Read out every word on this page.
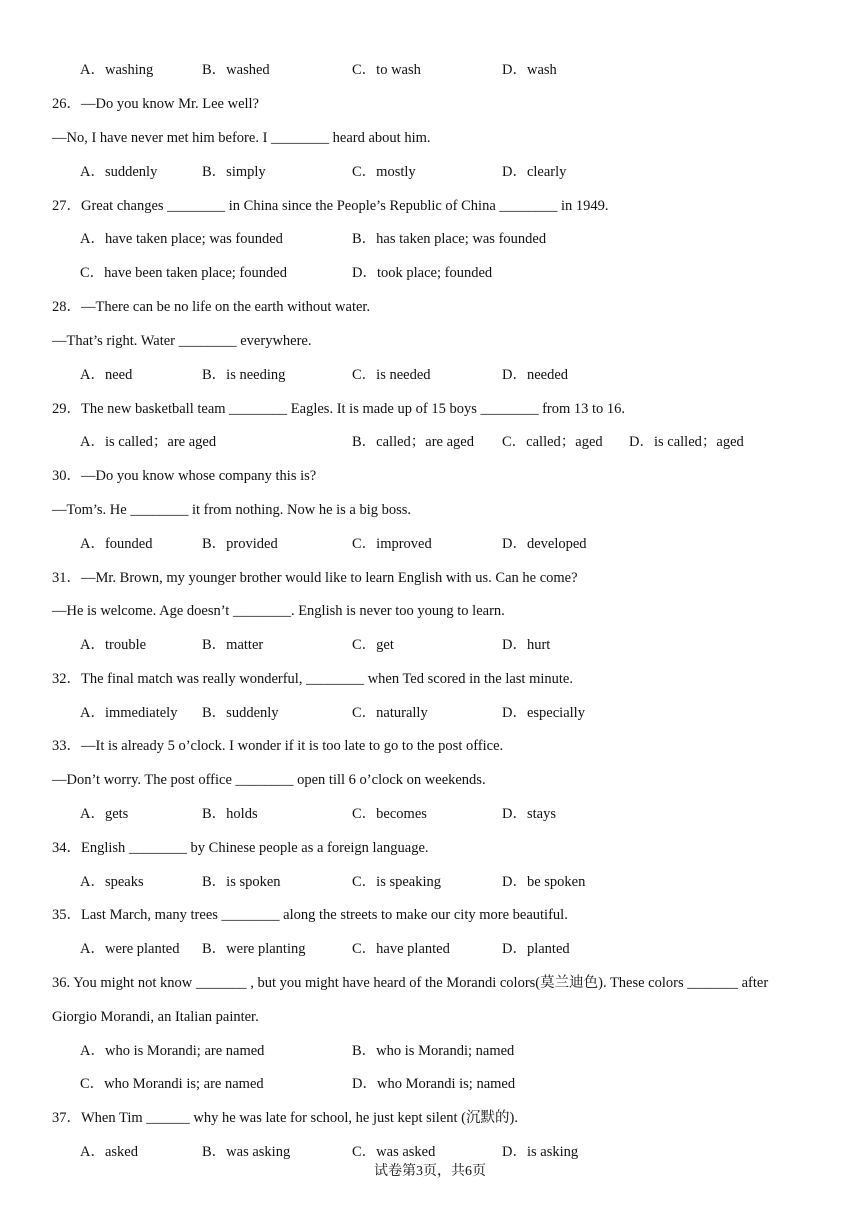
A．washing	B．washed	C．to wash	D．wash
26．—Do you know Mr. Lee well?
—No, I have never met him before. I ________ heard about him.
A．suddenly	B．simply	C．mostly	D．clearly
27．Great changes ________ in China since the People’s Republic of China ________ in 1949.
A．have taken place; was founded	B．has taken place; was founded
C．have been taken place; founded	D．took place; founded
28．—There can be no life on the earth without water.
—That’s right. Water ________ everywhere.
A．need	B．is needing	C．is needed	D．needed
29．The new basketball team ________ Eagles. It is made up of 15 boys ________ from 13 to 16.
A．is called；are aged	B．called；are aged C．called；aged D．is called；aged
30．—Do you know whose company this is?
—Tom’s. He ________ it from nothing. Now he is a big boss.
A．founded	B．provided	C．improved	D．developed
31．—Mr. Brown, my younger brother would like to learn English with us. Can he come?
—He is welcome. Age doesn’t ________. English is never too young to learn.
A．trouble	B．matter	C．get	D．hurt
32．The final match was really wonderful, ________ when Ted scored in the last minute.
A．immediately B．suddenly	C．naturally	D．especially
33．—It is already 5 o’clock. I wonder if it is too late to go to the post office.
—Don’t worry. The post office ________ open till 6 o’clock on weekends.
A．gets	B．holds	C．becomes	D．stays
34．English ________ by Chinese people as a foreign language.
A．speaks	B．is spoken	C．is speaking	D．be spoken
35．Last March, many trees ________ along the streets to make our city more beautiful.
A．were planted B．were planting	C．have planted	D．planted
36. You might not know _______ , but you might have heard of the Morandi colors(莫兰迪色). These colors _______ after
Giorgio Morandi, an Italian painter.
A．who is Morandi; are named	B．who is Morandi; named
C．who Morandi is; are named	D．who Morandi is; named
37．When Tim ______ why he was late for school, he just kept silent (沉默的).
A．asked	B．was asking	C．was asked	D．is asking
试卷第3页，共6页
